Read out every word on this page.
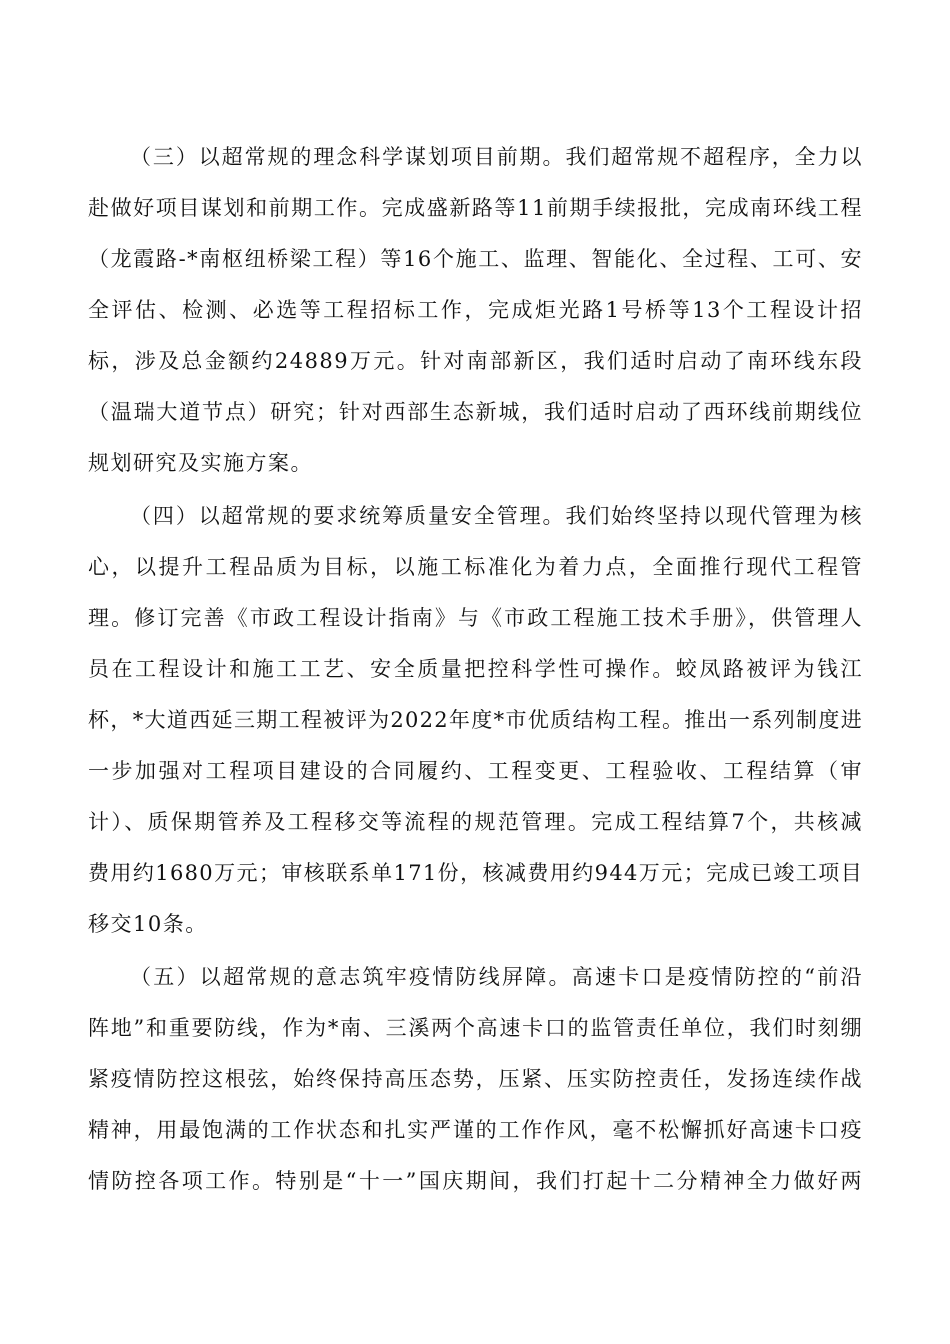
（三）以超常规的理念科学谋划项目前期。我们超常规不超程序，全力以
赴做好项目谋划和前期工作。完成盛新路等11前期手续报批，完成南环线工程
（龙霞路-*南枢纽桥梁工程）等16个施工、监理、智能化、全过程、工可、安
全评估、检测、必选等工程招标工作，完成炬光路1号桥等13个工程设计招
标，涉及总金额约24889万元。针对南部新区，我们适时启动了南环线东段
（温瑞大道节点）研究；针对西部生态新城，我们适时启动了西环线前期线位
规划研究及实施方案。

（四）以超常规的要求统筹质量安全管理。我们始终坚持以现代管理为核
心，以提升工程品质为目标，以施工标准化为着力点，全面推行现代工程管
理。修订完善《市政工程设计指南》与《市政工程施工技术手册》，供管理人
员在工程设计和施工工艺、安全质量把控科学性可操作。蛟凤路被评为钱江
杯，*大道西延三期工程被评为2022年度*市优质结构工程。推出一系列制度进
一步加强对工程项目建设的合同履约、工程变更、工程验收、工程结算（审
计）、质保期管养及工程移交等流程的规范管理。完成工程结算7个，共核减
费用约1680万元；审核联系单171份，核减费用约944万元；完成已竣工项目
移交10条。

（五）以超常规的意志筑牢疫情防线屏障。高速卡口是疫情防控的“前沿
阵地”和重要防线，作为*南、三溪两个高速卡口的监管责任单位，我们时刻绷
紧疫情防控这根弦，始终保持高压态势，压紧、压实防控责任，发扬连续作战
精神，用最饱满的工作状态和扎实严谨的工作作风，毫不松懈抓好高速卡口疫
情防控各项工作。特别是“十一”国庆期间，我们打起十二分精神全力做好两
